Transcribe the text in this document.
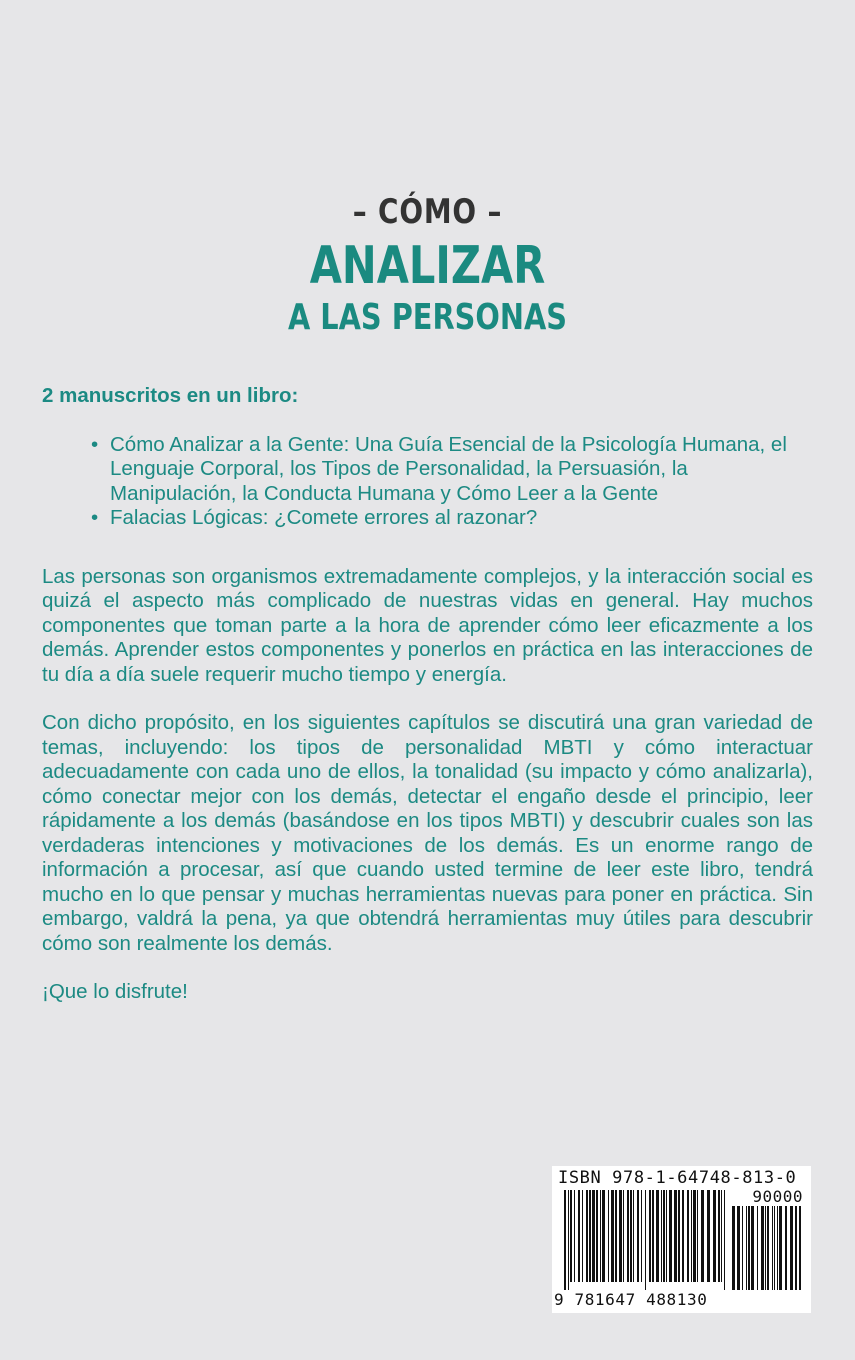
– CÓMO –
ANALIZAR
A LAS PERSONAS
2 manuscritos en un libro:
• Cómo Analizar a la Gente: Una Guía Esencial de la Psicología Humana, el Lenguaje Corporal, los Tipos de Personalidad, la Persuasión, la Manipulación, la Conducta Humana y Cómo Leer a la Gente
• Falacias Lógicas: ¿Comete errores al razonar?

Las personas son organismos extremadamente complejos, y la interacción social es quizá el aspecto más complicado de nuestras vidas en general. Hay muchos componentes que toman parte a la hora de aprender cómo leer eficazmente a los demás. Aprender estos componentes y ponerlos en práctica en las interacciones de tu día a día suele requerir mucho tiempo y energía.

Con dicho propósito, en los siguientes capítulos se discutirá una gran variedad de temas, incluyendo: los tipos de personalidad MBTI y cómo interactuar adecuadamente con cada uno de ellos, la tonalidad (su impacto y cómo analizarla), cómo conectar mejor con los demás, detectar el engaño desde el principio, leer rápidamente a los demás (basándose en los tipos MBTI) y descubrir cuales son las verdaderas intenciones y motivaciones de los demás. Es un enorme rango de información a procesar, así que cuando usted termine de leer este libro, tendrá mucho en lo que pensar y muchas herramientas nuevas para poner en práctica. Sin embargo, valdrá la pena, ya que obtendrá herramientas muy útiles para descubrir cómo son realmente los demás.

¡Que lo disfrute!

ISBN 978-1-64748-813-0
90000
9 781647 488130
